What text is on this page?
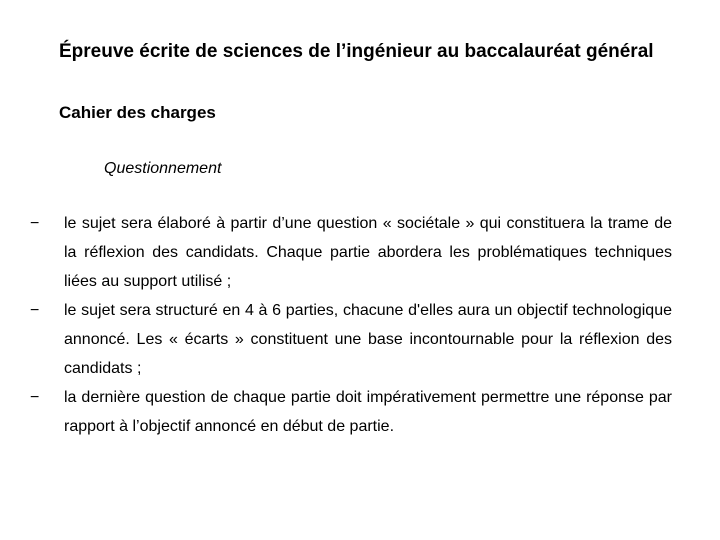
Épreuve écrite de sciences de l’ingénieur au baccalauréat général
Cahier des charges
Questionnement
−	le sujet sera élaboré à partir d’une question « sociétale » qui constituera la trame de la réflexion des candidats. Chaque partie abordera les problématiques techniques liées au support utilisé ;
−	le sujet sera structuré en 4 à 6 parties, chacune d'elles aura un objectif technologique annoncé. Les « écarts » constituent une base incontournable pour la réflexion des candidats ;
−	la dernière question de chaque partie doit impérativement permettre une réponse par rapport à l’objectif annoncé en début de partie.
